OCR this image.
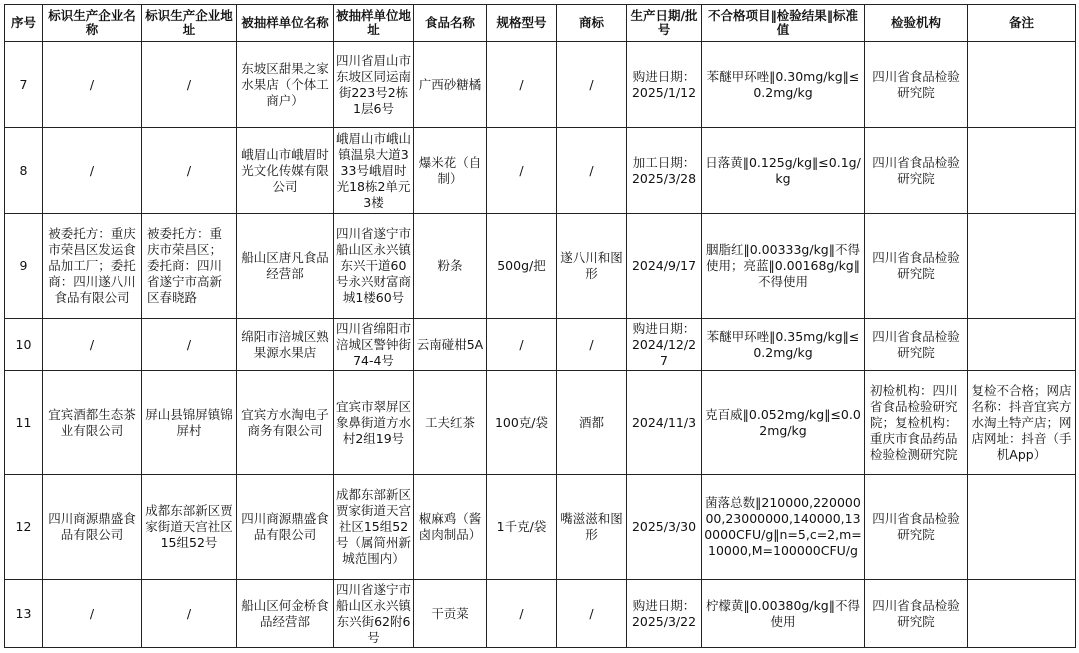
序号	标识生产企业名称	标识生产企业地址	被抽样单位名称	被抽样单位地址	食品名称	规格型号	商标	生产日期/批号	不合格项目‖检验结果‖标准值	检验机构	备注
7	/	/	东坡区甜果之家水果店（个体工商户）	四川省眉山市东坡区同运南街223号2栋1层6号	广西砂糖橘	/	/	购进日期：2025/1/12	苯醚甲环唑‖0.30mg/kg‖≤0.2mg/kg	四川省食品检验研究院	
8	/	/	峨眉山市峨眉时光文化传媒有限公司	峨眉山市峨山镇温泉大道333号峨眉时光18栋2单元3楼	爆米花（自制）	/	/	加工日期：2025/3/28	日落黄‖0.125g/kg‖≤0.1g/kg	四川省食品检验研究院	
9	被委托方：重庆市荣昌区发运食品加工厂；委托商：四川遂八川食品有限公司	被委托方：重庆市荣昌区；委托商：四川省遂宁市高新区春晓路	船山区唐凡食品经营部	四川省遂宁市船山区永兴镇东兴干道60号永兴财富商城1楼60号	粉条	500g/把	遂八川和图形	2024/9/17	胭脂红‖0.00333g/kg‖不得使用；亮蓝‖0.00168g/kg‖不得使用	四川省食品检验研究院	
10	/	/	绵阳市涪城区熟果源水果店	四川省绵阳市涪城区警钟街74-4号	云南碰柑5A	/	/	购进日期：2024/12/27	苯醚甲环唑‖0.35mg/kg‖≤0.2mg/kg	四川省食品检验研究院	
11	宜宾酒都生态茶业有限公司	屏山县锦屏镇锦屏村	宜宾方水淘电子商务有限公司	宜宾市翠屏区象鼻街道方水村2组19号	工夫红茶	100克/袋	酒都	2024/11/3	克百威‖0.052mg/kg‖≤0.02mg/kg	初检机构：四川省食品检验研究院；复检机构：重庆市食品药品检验检测研究院	复检不合格；网店名称：抖音宜宾方水淘土特产店；网店网址：抖音（手机App）
12	四川商源鼎盛食品有限公司	成都东部新区贾家街道天宫社区15组52号	四川商源鼎盛食品有限公司	成都东部新区贾家街道天宫社区15组52号（属简州新城范围内）	椒麻鸡（酱卤肉制品）	1千克/袋	嘴滋滋和图形	2025/3/30	菌落总数‖210000,22000000,23000000,140000,130000CFU/g‖n=5,c=2,m=10000,M=100000CFU/g	四川省食品检验研究院	
13	/	/	船山区何金桥食品经营部	四川省遂宁市船山区永兴镇东兴街62附6号	干贡菜	/	/	购进日期：2025/3/22	柠檬黄‖0.00380g/kg‖不得使用	四川省食品检验研究院	
